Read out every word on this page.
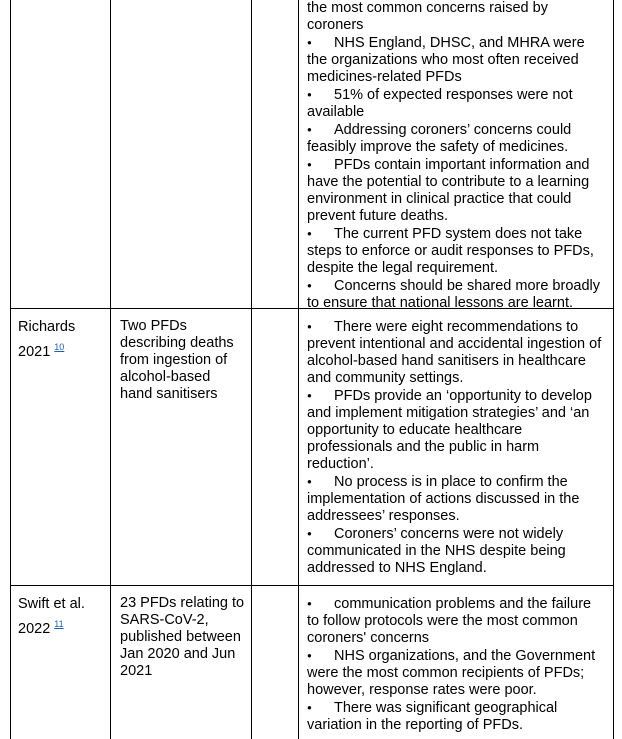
the most common concerns raised by
coroners
● NHS England, DHSC, and MHRA were
the organizations who most often received
medicines-related PFDs
● 51% of expected responses were not
available
● Addressing coroners’ concerns could
feasibly improve the safety of medicines.
● PFDs contain important information and
have the potential to contribute to a learning
environment in clinical practice that could
prevent future deaths.
● The current PFD system does not take
steps to enforce or audit responses to PFDs,
despite the legal requirement.
● Concerns should be shared more broadly
to ensure that national lessons are learnt.
Richards
2021 $^{10}$
Two PFDs
describing deaths
from ingestion of
alcohol-based
hand sanitisers
● There were eight recommendations to
prevent intentional and accidental ingestion of
alcohol-based hand sanitisers in healthcare
and community settings.
● PFDs provide an ‘opportunity to develop
and implement mitigation strategies’ and ‘an
opportunity to educate healthcare
professionals and the public in harm
reduction’.
● No process is in place to confirm the
implementation of actions discussed in the
addressees’ responses.
● Coroners’ concerns were not widely
communicated in the NHS despite being
addressed to NHS England.
Swift et al.
2022 $^{11}$
23 PFDs relating to
SARS-CoV-2,
published between
Jan 2020 and Jun
2021
● communication problems and the failure
to follow protocols were the most common
coroners' concerns
● NHS organizations, and the Government
were the most common recipients of PFDs;
however, response rates were poor.
● There was significant geographical
variation in the reporting of PFDs.
